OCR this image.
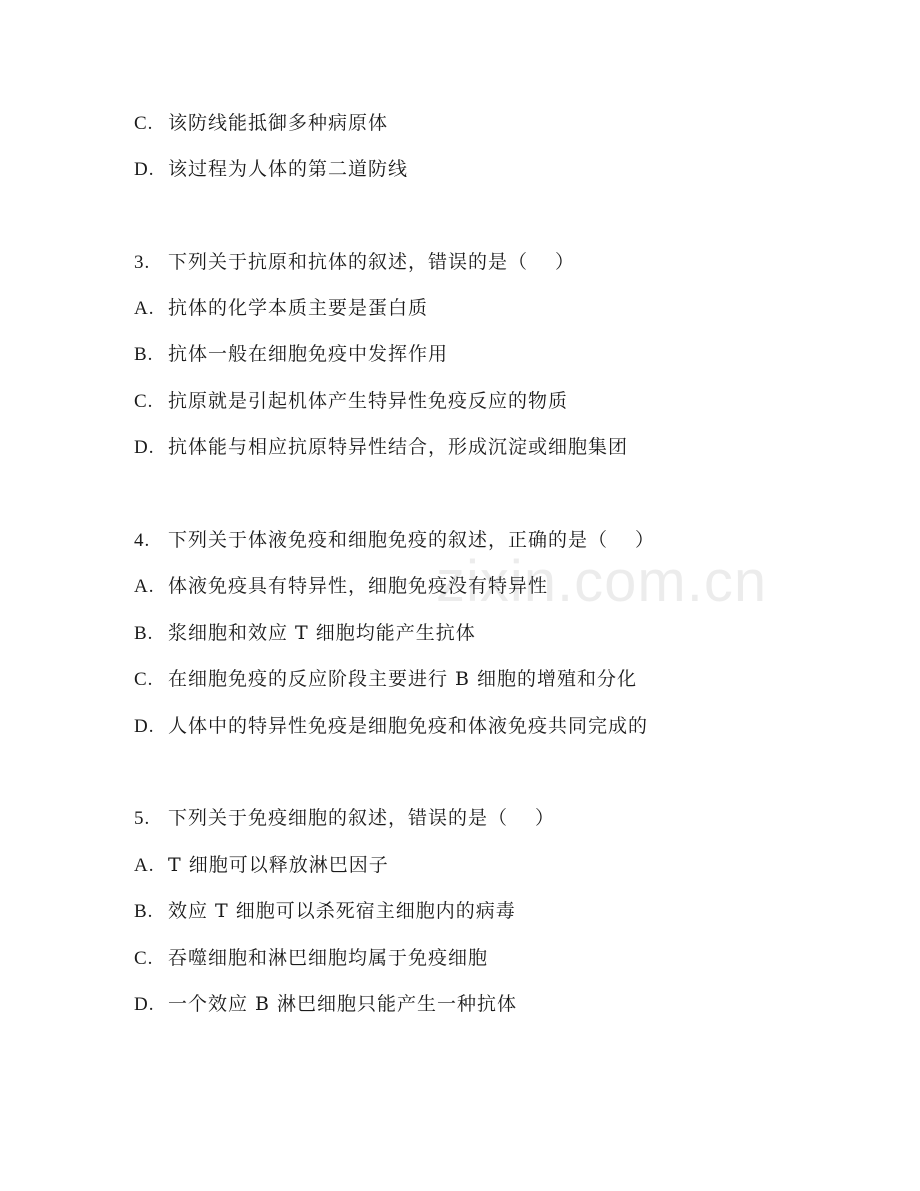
zixin.com.cn
C. 该防线能抵御多种病原体
D. 该过程为人体的第二道防线
3. 下列关于抗原和抗体的叙述，错误的是（　 ）
A. 抗体的化学本质主要是蛋白质
B. 抗体一般在细胞免疫中发挥作用
C. 抗原就是引起机体产生特异性免疫反应的物质
D. 抗体能与相应抗原特异性结合，形成沉淀或细胞集团
4. 下列关于体液免疫和细胞免疫的叙述，正确的是（　 ）
A. 体液免疫具有特异性，细胞免疫没有特异性
B. 浆细胞和效应 T 细胞均能产生抗体
C. 在细胞免疫的反应阶段主要进行 B 细胞的增殖和分化
D. 人体中的特异性免疫是细胞免疫和体液免疫共同完成的
5. 下列关于免疫细胞的叙述，错误的是（　 ）
A. T 细胞可以释放淋巴因子
B. 效应 T 细胞可以杀死宿主细胞内的病毒
C. 吞噬细胞和淋巴细胞均属于免疫细胞
D. 一个效应 B 淋巴细胞只能产生一种抗体
